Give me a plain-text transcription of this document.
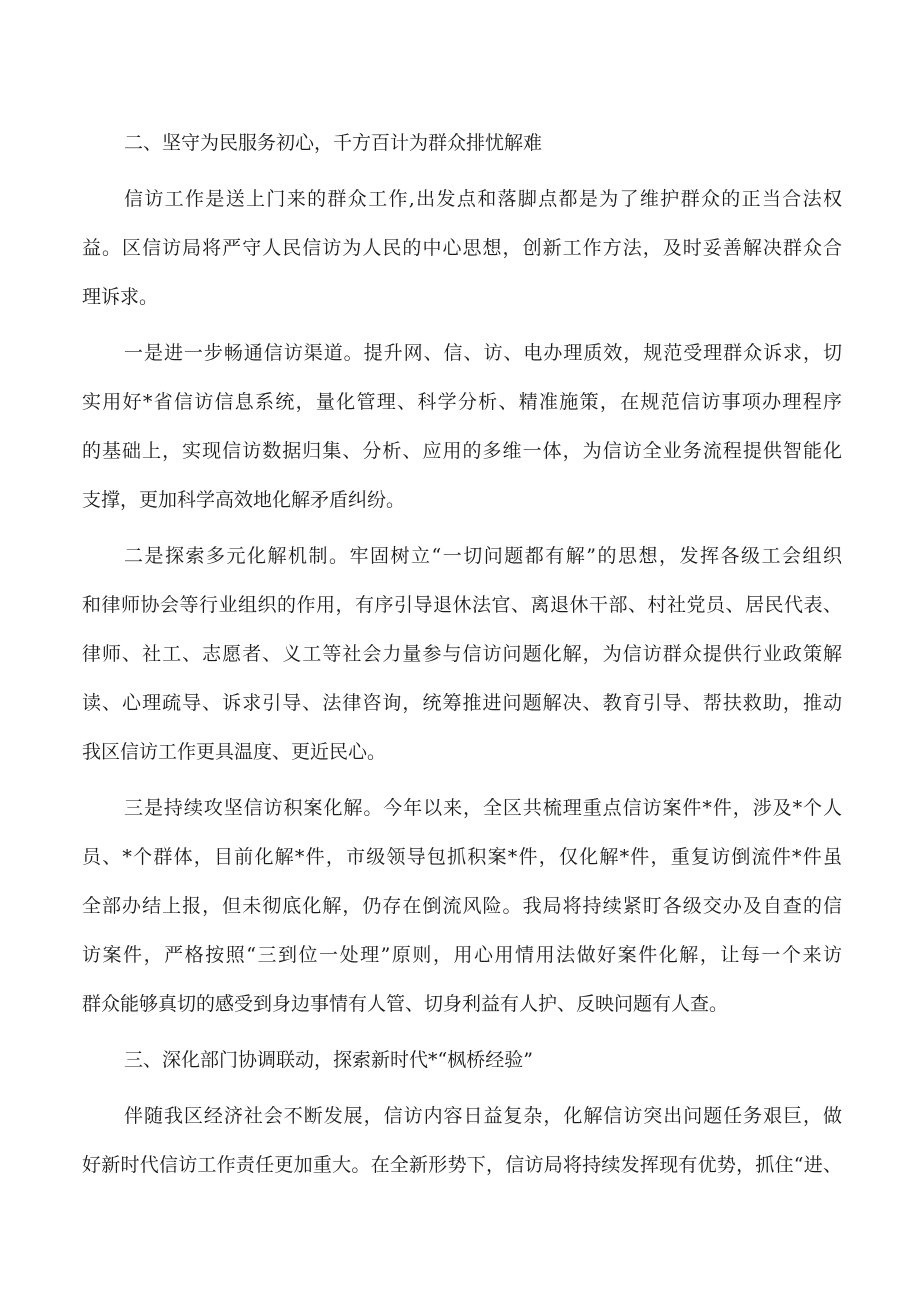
二、坚守为民服务初心，千方百计为群众排忧解难
信访工作是送上门来的群众工作,出发点和落脚点都是为了维护群众的正当合法权
益。区信访局将严守人民信访为人民的中心思想，创新工作方法，及时妥善解决群众合
理诉求。
一是进一步畅通信访渠道。提升网、信、访、电办理质效，规范受理群众诉求，切
实用好*省信访信息系统，量化管理、科学分析、精准施策，在规范信访事项办理程序
的基础上，实现信访数据归集、分析、应用的多维一体，为信访全业务流程提供智能化
支撑，更加科学高效地化解矛盾纠纷。
二是探索多元化解机制。牢固树立“一切问题都有解”的思想，发挥各级工会组织
和律师协会等行业组织的作用，有序引导退休法官、离退休干部、村社党员、居民代表、
律师、社工、志愿者、义工等社会力量参与信访问题化解，为信访群众提供行业政策解
读、心理疏导、诉求引导、法律咨询，统筹推进问题解决、教育引导、帮扶救助，推动
我区信访工作更具温度、更近民心。
三是持续攻坚信访积案化解。今年以来，全区共梳理重点信访案件*件，涉及*个人
员、*个群体，目前化解*件，市级领导包抓积案*件，仅化解*件，重复访倒流件*件虽
全部办结上报，但未彻底化解，仍存在倒流风险。我局将持续紧盯各级交办及自查的信
访案件，严格按照“三到位一处理”原则，用心用情用法做好案件化解，让每一个来访
群众能够真切的感受到身边事情有人管、切身利益有人护、反映问题有人查。
三、深化部门协调联动，探索新时代*“枫桥经验”
伴随我区经济社会不断发展，信访内容日益复杂，化解信访突出问题任务艰巨，做
好新时代信访工作责任更加重大。在全新形势下，信访局将持续发挥现有优势，抓住“进、
